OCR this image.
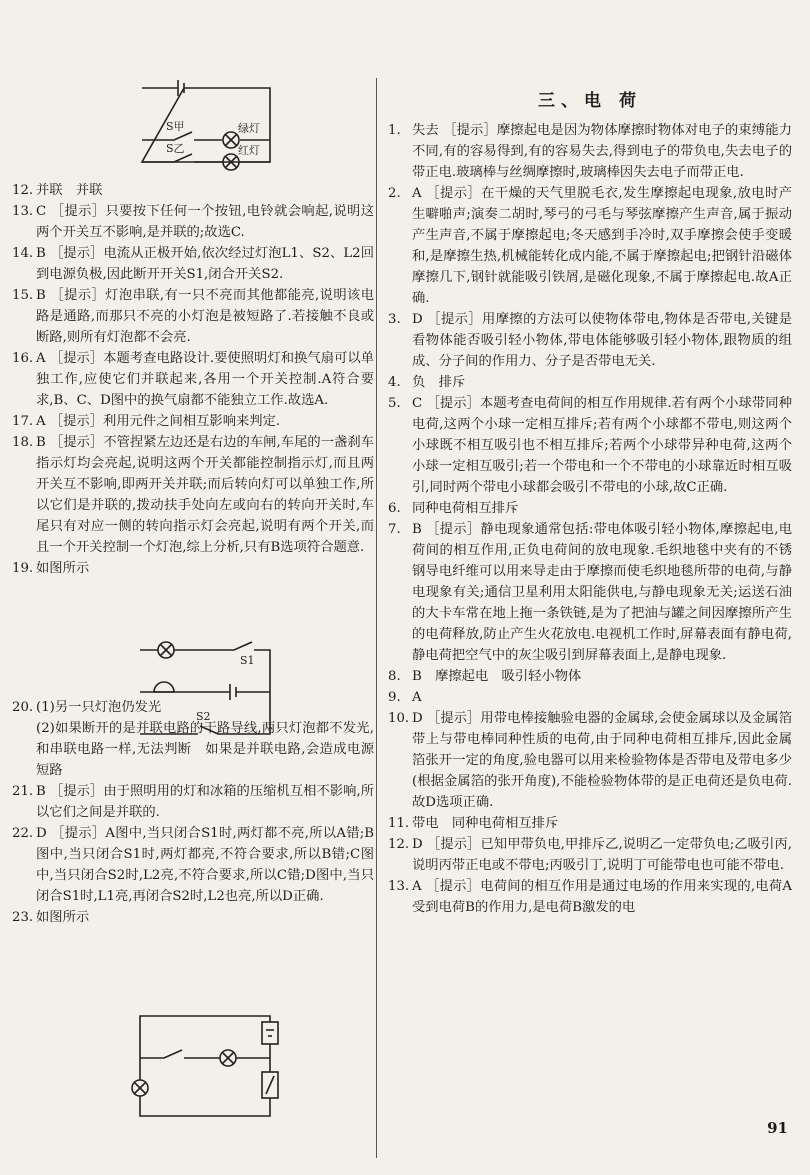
S甲	绿灯
S乙	红灯
三、电 荷
12. 并联　并联

13. C ［提示］只要按下任何一个按钮,电铃就会响起,说明这两个开关互不影响,是并联的;故选C.

14. B ［提示］电流从正极开始,依次经过灯泡L1、S2、L2回到电源负极,因此断开开关S1,闭合开关S2.

15. B ［提示］灯泡串联,有一只不亮而其他都能亮,说明该电路是通路,而那只不亮的小灯泡是被短路了.若接触不良或断路,则所有灯泡都不会亮.

16. A ［提示］本题考查电路设计.要使照明灯和换气扇可以单独工作,应使它们并联起来,各用一个开关控制.A符合要求,B、C、D图中的换气扇都不能独立工作.故选A.

17. A ［提示］利用元件之间相互影响来判定.

18. B ［提示］不管捏紧左边还是右边的车闸,车尾的一盏刹车指示灯均会亮起,说明这两个开关都能控制指示灯,而且两开关互不影响,即两开关并联;而后转向灯可以单独工作,所以它们是并联的,拨动扶手处向左或向右的转向开关时,车尾只有对应一侧的转向指示灯会亮起,说明有两个开关,而且一个开关控制一个灯泡,综上分析,只有B选项符合题意.

19. 如图所示

20. (1)另一只灯泡仍发光

(2)如果断开的是并联电路的干路导线,两只灯泡都不发光,和串联电路一样,无法判断　如果是并联电路,会造成电源短路

21. B ［提示］由于照明用的灯和冰箱的压缩机互相不影响,所以它们之间是并联的.

22. D ［提示］A图中,当只闭合S1时,两灯都不亮,所以A错;B图中,当只闭合S1时,两灯都亮,不符合要求,所以B错;C图中,当只闭合S2时,L2亮,不符合要求,所以C错;D图中,当只闭合S1时,L1亮,再闭合S2时,L2也亮,所以D正确.

23. 如图所示

S1
S2
1. 失去 ［提示］摩擦起电是因为物体摩擦时物体对电子的束缚能力不同,有的容易得到,有的容易失去,得到电子的带负电,失去电子的带正电.玻璃棒与丝绸摩擦时,玻璃棒因失去电子而带正电.

2. A ［提示］在干燥的天气里脱毛衣,发生摩擦起电现象,放电时产生噼啪声;演奏二胡时,琴弓的弓毛与琴弦摩擦产生声音,属于振动产生声音,不属于摩擦起电;冬天感到手冷时,双手摩擦会使手变暖和,是摩擦生热,机械能转化成内能,不属于摩擦起电;把钢针沿磁体摩擦几下,钢针就能吸引铁屑,是磁化现象,不属于摩擦起电.故A正确.

3. D ［提示］用摩擦的方法可以使物体带电,物体是否带电,关键是看物体能否吸引轻小物体,带电体能够吸引轻小物体,跟物质的组成、分子间的作用力、分子是否带电无关.

4. 负　排斥

5. C ［提示］本题考查电荷间的相互作用规律.若有两个小球带同种电荷,这两个小球一定相互排斥;若有两个小球都不带电,则这两个小球既不相互吸引也不相互排斥;若两个小球带异种电荷,这两个小球一定相互吸引;若一个带电和一个不带电的小球靠近时相互吸引,同时两个带电小球都会吸引不带电的小球,故C正确.

6. 同种电荷相互排斥

7. B ［提示］静电现象通常包括:带电体吸引轻小物体,摩擦起电,电荷间的相互作用,正负电荷间的放电现象.毛织地毯中夹有的不锈钢导电纤维可以用来导走由于摩擦而使毛织地毯所带的电荷,与静电现象有关;通信卫星利用太阳能供电,与静电现象无关;运送石油的大卡车常在地上拖一条铁链,是为了把油与罐之间因摩擦所产生的电荷释放,防止产生火花放电.电视机工作时,屏幕表面有静电荷,静电荷把空气中的灰尘吸引到屏幕表面上,是静电现象.

8. B　摩擦起电　吸引轻小物体

9. A

10. D ［提示］用带电棒接触验电器的金属球,会使金属球以及金属箔带上与带电棒同种性质的电荷,由于同种电荷相互排斥,因此金属箔张开一定的角度,验电器可以用来检验物体是否带电及带电多少(根据金属箔的张开角度),不能检验物体带的是正电荷还是负电荷.故D选项正确.

11. 带电　同种电荷相互排斥

12. D ［提示］已知甲带负电,甲排斥乙,说明乙一定带负电;乙吸引丙,说明丙带正电或不带电;丙吸引丁,说明丁可能带电也可能不带电.

13. A ［提示］电荷间的相互作用是通过电场的作用来实现的,电荷A受到电荷B的作用力,是电荷B激发的电

91
